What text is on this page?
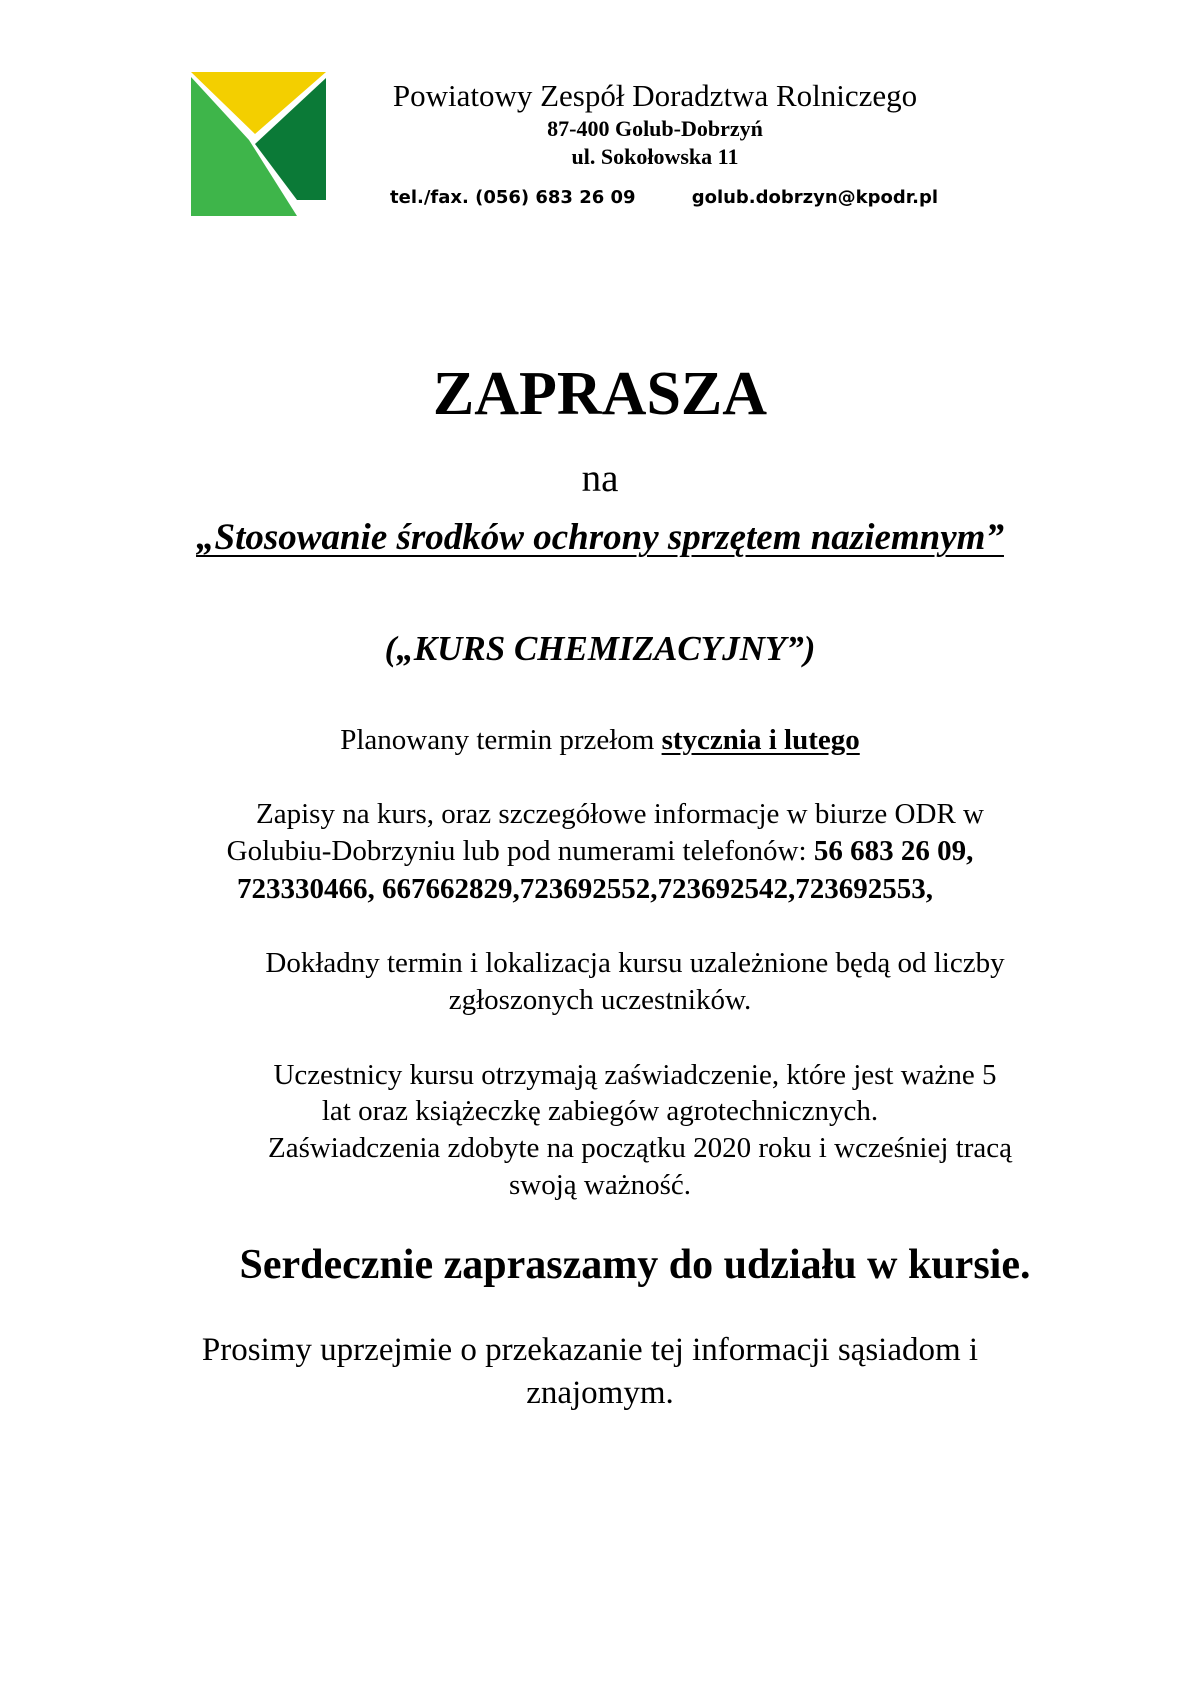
Powiatowy Zespół Doradztwa Rolniczego
87-400 Golub-Dobrzyń
ul. Sokołowska 11
tel./fax. (056) 683 26 09	golub.dobrzyn@kpodr.pl
ZAPRASZA
na
„Stosowanie środków ochrony sprzętem naziemnym”
(„KURS CHEMIZACYJNY”)
Planowany termin przełom stycznia i lutego
Zapisy na kurs, oraz szczegółowe informacje w biurze ODR w
Golubiu-Dobrzyniu lub pod numerami telefonów: 56 683 26 09,
723330466, 667662829,723692552,723692542,723692553,
Dokładny termin i lokalizacja kursu uzależnione będą od liczby
zgłoszonych uczestników.
Uczestnicy kursu otrzymają zaświadczenie, które jest ważne 5
lat oraz książeczkę zabiegów agrotechnicznych.
Zaświadczenia zdobyte na początku 2020 roku i wcześniej tracą
swoją ważność.
Serdecznie zapraszamy do udziału w kursie.
Prosimy uprzejmie o przekazanie tej informacji sąsiadom i
znajomym.
